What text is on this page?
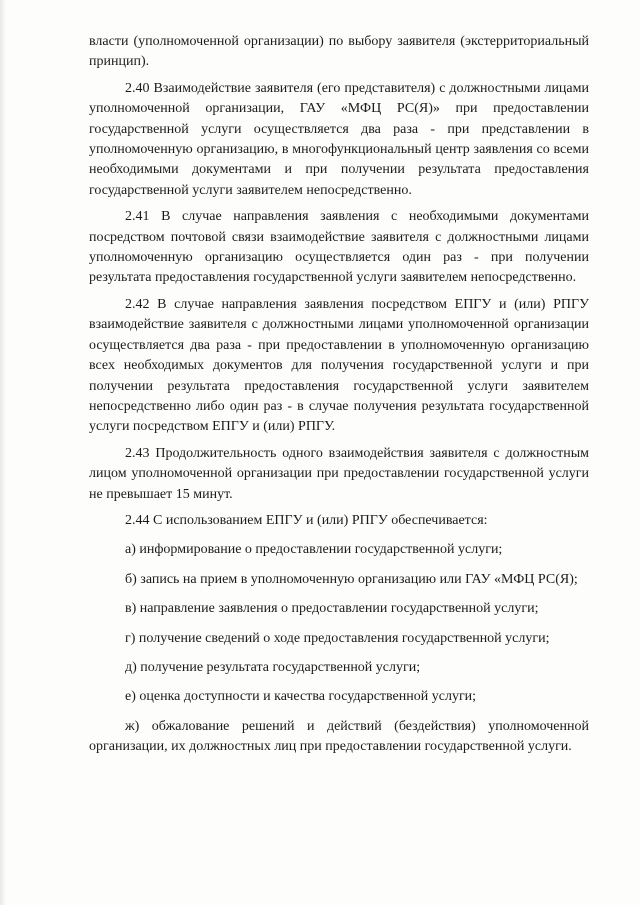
власти (уполномоченной организации) по выбору заявителя (экстерриториальный принцип).

2.40 Взаимодействие заявителя (его представителя) с должностными лицами уполномоченной организации, ГАУ «МФЦ РС(Я)» при предоставлении государственной услуги осуществляется два раза - при представлении в уполномоченную организацию, в многофункциональный центр заявления со всеми необходимыми документами и при получении результата предоставления государственной услуги заявителем непосредственно.

2.41 В случае направления заявления с необходимыми документами посредством почтовой связи взаимодействие заявителя с должностными лицами уполномоченную организацию осуществляется один раз - при получении результата предоставления государственной услуги заявителем непосредственно.

2.42 В случае направления заявления посредством ЕПГУ и (или) РПГУ взаимодействие заявителя с должностными лицами уполномоченной организации осуществляется два раза - при предоставлении в уполномоченную организацию всех необходимых документов для получения государственной услуги и при получении результата предоставления государственной услуги заявителем непосредственно либо один раз - в случае получения результата государственной услуги посредством ЕПГУ и (или) РПГУ.

2.43 Продолжительность одного взаимодействия заявителя с должностным лицом уполномоченной организации при предоставлении государственной услуги не превышает 15 минут.

2.44 С использованием ЕПГУ и (или) РПГУ обеспечивается:

а) информирование о предоставлении государственной услуги;

б) запись на прием в уполномоченную организацию или ГАУ «МФЦ РС(Я);

в) направление заявления о предоставлении государственной услуги;

г) получение сведений о ходе предоставления государственной услуги;

д) получение результата государственной услуги;

е) оценка доступности и качества государственной услуги;

ж) обжалование решений и действий (бездействия) уполномоченной организации, их должностных лиц при предоставлении государственной услуги.
